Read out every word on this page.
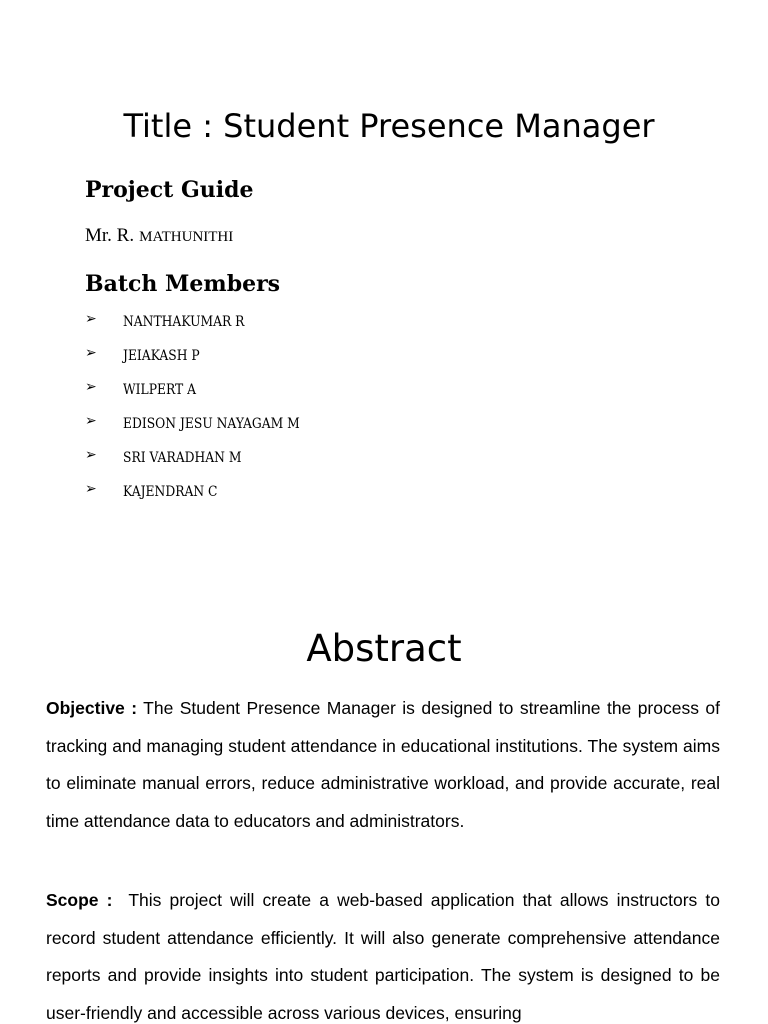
Title : Student Presence Manager
Project Guide
Mr. R. MATHUNITHI
Batch Members
➢ NANTHAKUMAR R
➢ JEIAKASH P
➢ WILPERT A
➢ EDISON JESU NAYAGAM M
➢ SRI VARADHAN M
➢ KAJENDRAN C
Abstract

Objective : The Student Presence Manager is designed to streamline the process of tracking and managing student attendance in educational institutions. The system aims to eliminate manual errors, reduce administrative workload, and provide accurate, real time attendance data to educators and administrators.

Scope : This project will create a web-based application that allows instructors to record student attendance efficiently. It will also generate comprehensive attendance reports and provide insights into student participation. The system is designed to be user-friendly and accessible across various devices, ensuring
